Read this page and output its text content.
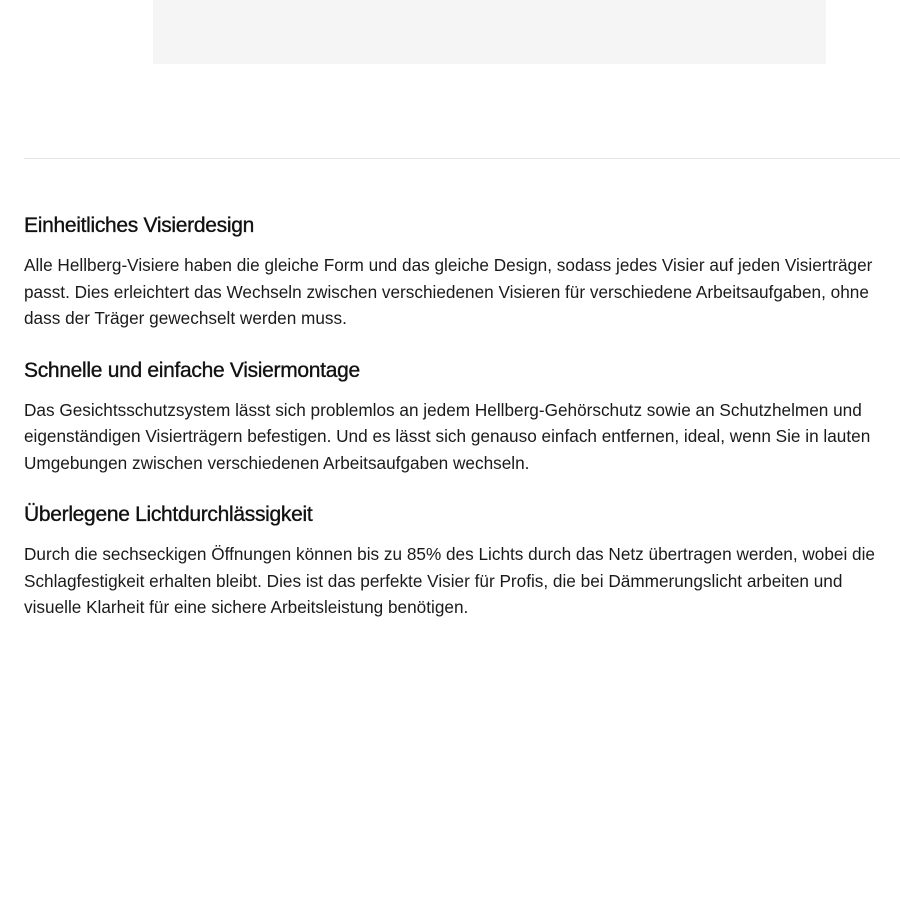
Einheitliches Visierdesign

Alle Hellberg-Visiere haben die gleiche Form und das gleiche Design, sodass jedes Visier auf jeden Visierträger passt. Dies erleichtert das Wechseln zwischen verschiedenen Visieren für verschiedene Arbeitsaufgaben, ohne dass der Träger gewechselt werden muss.

Schnelle und einfache Visiermontage

Das Gesichtsschutzsystem lässt sich problemlos an jedem Hellberg-Gehörschutz sowie an Schutzhelmen und eigenständigen Visierträgern befestigen. Und es lässt sich genauso einfach entfernen, ideal, wenn Sie in lauten Umgebungen zwischen verschiedenen Arbeitsaufgaben wechseln.

Überlegene Lichtdurchlässigkeit

Durch die sechseckigen Öffnungen können bis zu 85% des Lichts durch das Netz übertragen werden, wobei die Schlagfestigkeit erhalten bleibt. Dies ist das perfekte Visier für Profis, die bei Dämmerungslicht arbeiten und visuelle Klarheit für eine sichere Arbeitsleistung benötigen.
